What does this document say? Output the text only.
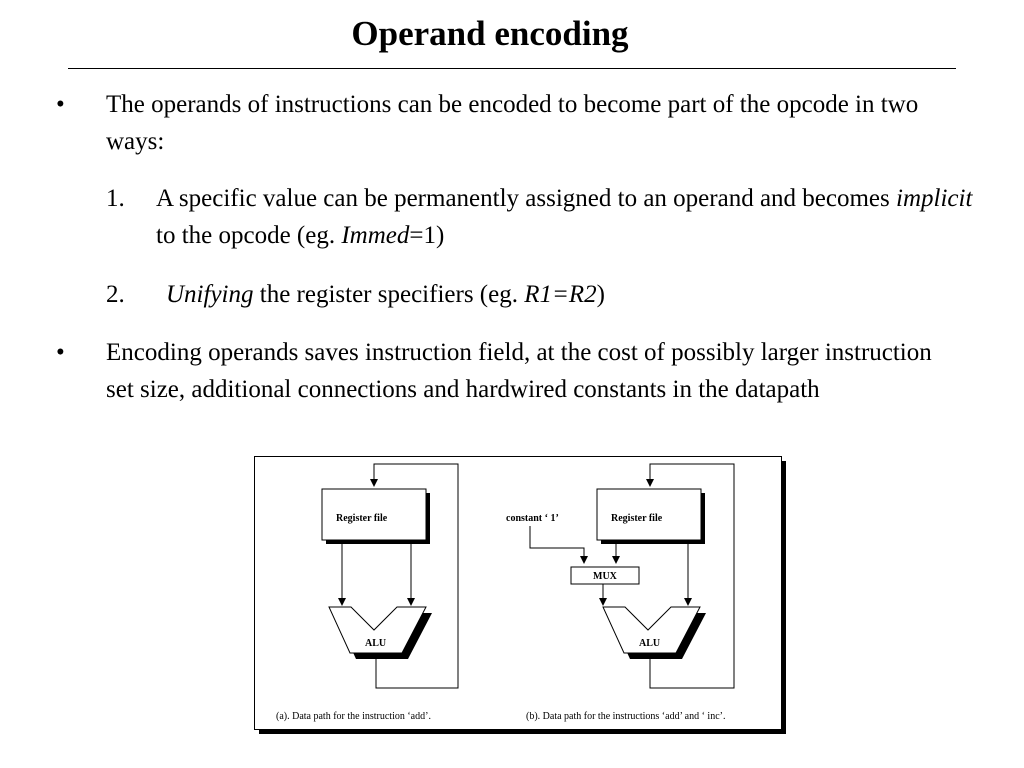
Operand encoding
• The operands of instructions can be encoded to become part of the opcode in two ways:
1. A specific value can be permanently assigned to an operand and becomes implicit to the opcode (eg. Immed=1)
2. Unifying the register specifiers (eg. R1=R2)
• Encoding operands saves instruction field, at the cost of possibly larger instruction set size, additional connections and hardwired constants in the datapath
Register file
ALU
(a). Data path for the instruction ‘add’.
constant ‘ 1’	Register file
MUX
ALU
(b). Data path for the instructions ‘add’ and ‘ inc’.
